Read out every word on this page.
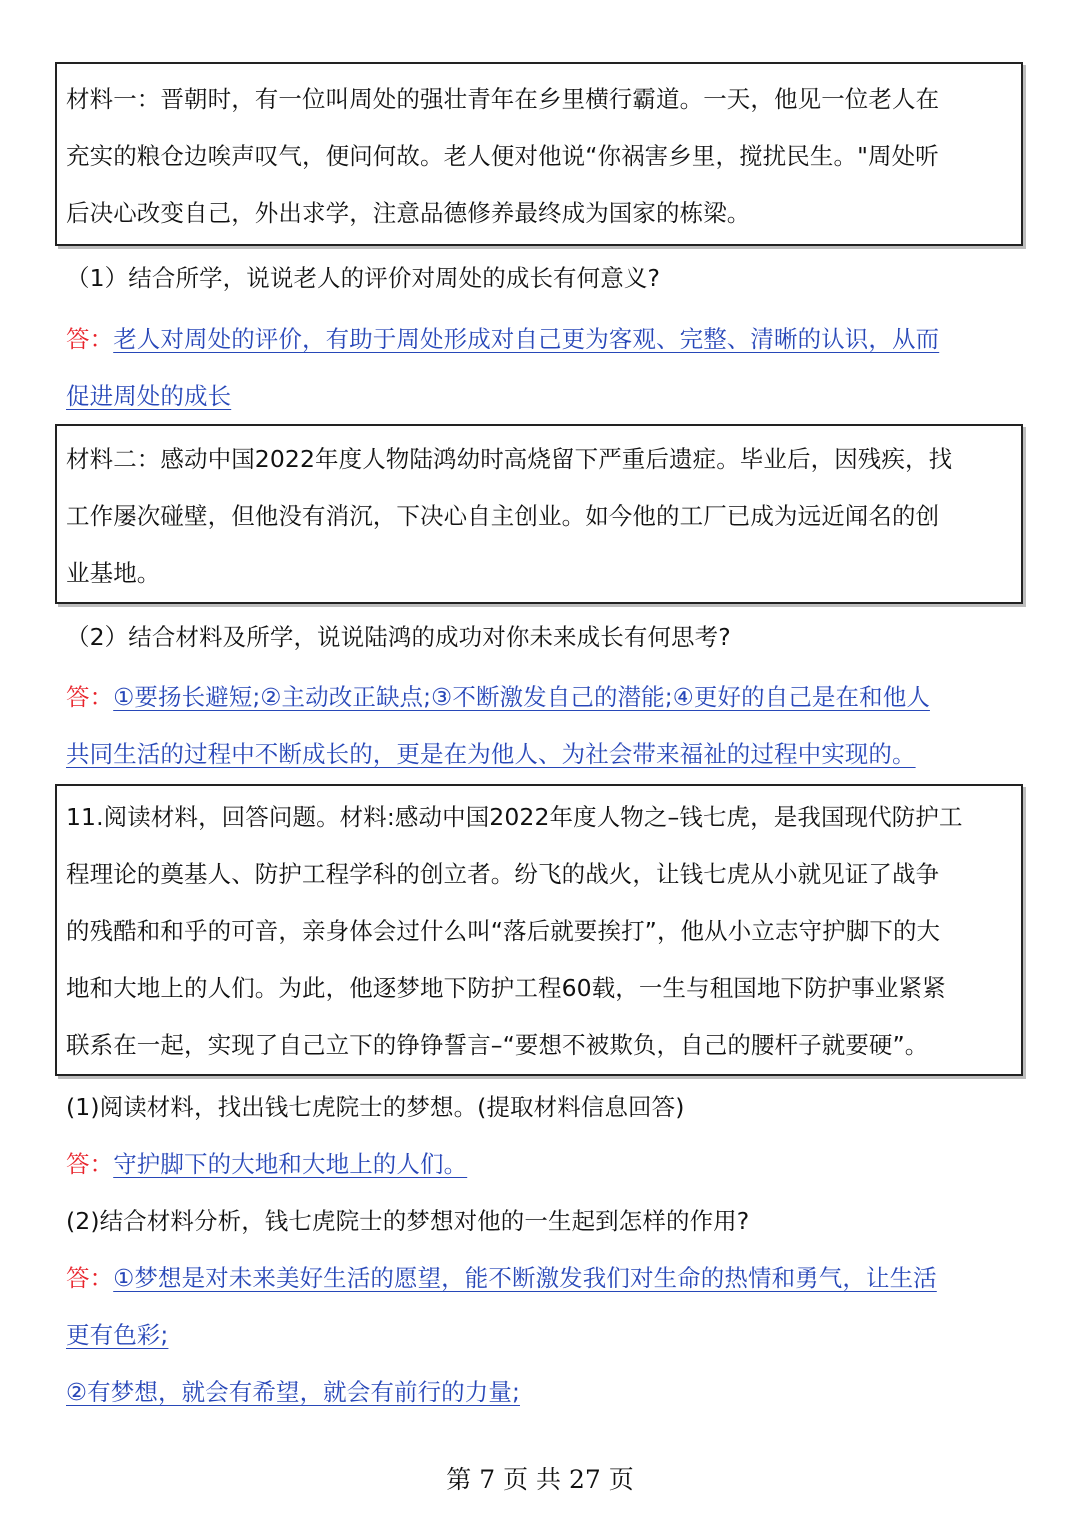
材料一：晋朝时，有一位叫周处的强壮青年在乡里横行霸道。一天，他见一位老人在
充实的粮仓边唉声叹气，便问何故。老人便对他说“你祸害乡里，搅扰民生。"周处听
后决心改变自己，外出求学，注意品德修养最终成为国家的栋梁。
（1）结合所学，说说老人的评价对周处的成长有何意义?
答：老人对周处的评价，有助于周处形成对自己更为客观、完整、清晰的认识，从而
促进周处的成长
材料二：感动中国2022年度人物陆鸿幼时高烧留下严重后遗症。毕业后，因残疾，找
工作屡次碰壁，但他没有消沉，下决心自主创业。如今他的工厂已成为远近闻名的创
业基地。
（2）结合材料及所学，说说陆鸿的成功对你未来成长有何思考?
答：①要扬长避短;②主动改正缺点;③不断激发自己的潜能;④更好的自己是在和他人
共同生活的过程中不断成长的，更是在为他人、为社会带来福祉的过程中实现的。
11.阅读材料，回答问题。材料:感动中国2022年度人物之–钱七虎，是我国现代防护工
程理论的奠基人、防护工程学科的创立者。纷飞的战火，让钱七虎从小就见证了战争
的残酷和和乎的可音，亲身体会过什么叫“落后就要挨打”，他从小立志守护脚下的大
地和大地上的人们。为此，他逐梦地下防护工程60载，一生与租国地下防护事业紧紧
联系在一起，实现了自己立下的铮铮誓言–“要想不被欺负，自己的腰杆子就要硬”。
(1)阅读材料，找出钱七虎院士的梦想。(提取材料信息回答)
答：守护脚下的大地和大地上的人们。
(2)结合材料分析，钱七虎院士的梦想对他的一生起到怎样的作用?
答：①梦想是对未来美好生活的愿望，能不断激发我们对生命的热情和勇气，让生活
更有色彩;
②有梦想，就会有希望，就会有前行的力量;
第 7 页 共 27 页
